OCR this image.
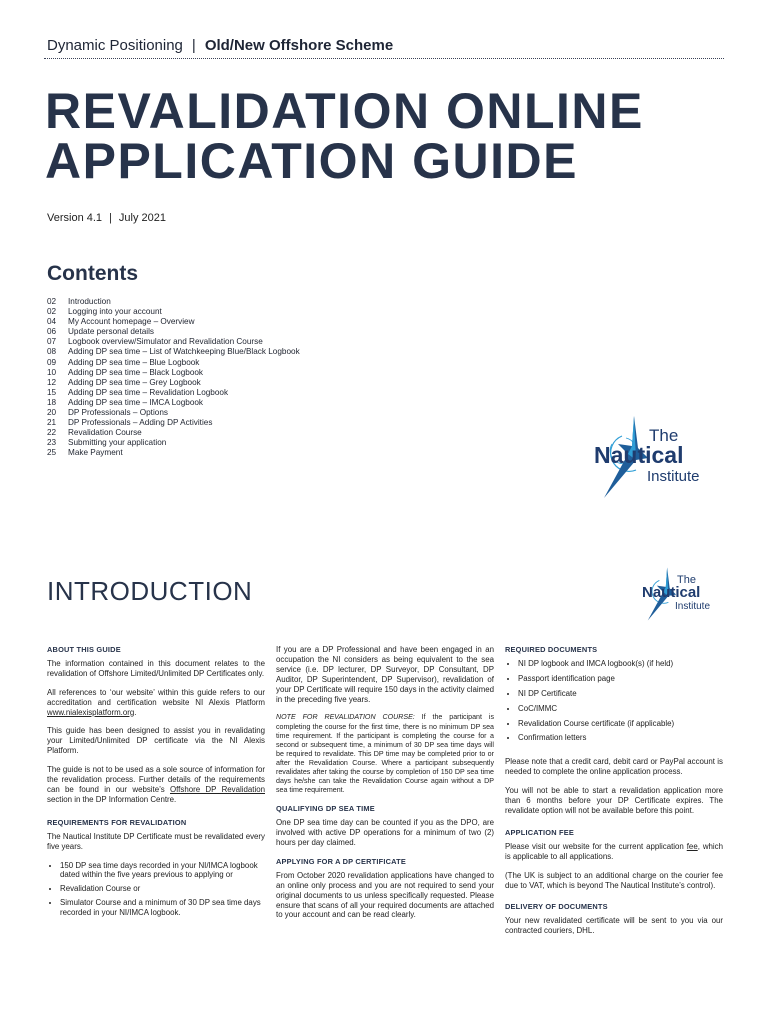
Dynamic Positioning | Old/New Offshore Scheme
REVALIDATION ONLINE
APPLICATION GUIDE
Version 4.1 | July 2021
Contents
02 Introduction
02 Logging into your account
04 My Account homepage – Overview
06 Update personal details
07 Logbook overview/Simulator and Revalidation Course
08 Adding DP sea time – List of Watchkeeping Blue/Black Logbook
09 Adding DP sea time – Blue Logbook
10 Adding DP sea time – Black Logbook
12 Adding DP sea time – Grey Logbook
15 Adding DP sea time – Revalidation Logbook
18 Adding DP sea time – IMCA Logbook
20 DP Professionals – Options
21 DP Professionals – Adding DP Activities
22 Revalidation Course
23 Submitting your application
25 Make Payment
The
Nautical
Institute
INTRODUCTION	The
Nautical
Institute
ABOUT THIS GUIDE

The information contained in this document relates to the revalidation of Offshore Limited/Unlimited DP Certificates only.

All references to ‘our website’ within this guide refers to our accreditation and certification website NI Alexis Platform www.nialexisplatform.org.

This guide has been designed to assist you in revalidating your Limited/Unlimited DP certificate via the NI Alexis Platform.

The guide is not to be used as a sole source of information for the revalidation process. Further details of the requirements can be found in our website’s Offshore DP Revalidation section in the DP Information Centre.

REQUIREMENTS FOR REVALIDATION

The Nautical Institute DP Certificate must be revalidated every five years.

• 150 DP sea time days recorded in your NI/IMCA logbook dated within the five years previous to applying or
• Revalidation Course or
• Simulator Course and a minimum of 30 DP sea time days recorded in your NI/IMCA logbook.

If you are a DP Professional and have been engaged in an occupation the NI considers as being equivalent to the sea service (i.e. DP lecturer, DP Surveyor, DP Consultant, DP Auditor, DP Superintendent, DP Supervisor), revalidation of your DP Certificate will require 150 days in the activity claimed in the preceding five years.

NOTE FOR REVALIDATION COURSE: If the participant is completing the course for the first time, there is no minimum DP sea time requirement. If the participant is completing the course for a second or subsequent time, a minimum of 30 DP sea time days will be required to revalidate. This DP time may be completed prior to or after the Revalidation Course. Where a participant subsequently revalidates after taking the course by completion of 150 DP sea time days he/she can take the Revalidation Course again without a DP sea time requirement.

QUALIFYING DP SEA TIME

One DP sea time day can be counted if you as the DPO, are involved with active DP operations for a minimum of two (2) hours per day claimed.

APPLYING FOR A DP CERTIFICATE

From October 2020 revalidation applications have changed to an online only process and you are not required to send your original documents to us unless specifically requested. Please ensure that scans of all your required documents are attached to your account and can be read clearly.

REQUIRED DOCUMENTS
• NI DP logbook and IMCA logbook(s) (if held)
• Passport identification page
• NI DP Certificate
• CoC/IMMC
• Revalidation Course certificate (if applicable)
• Confirmation letters

Please note that a credit card, debit card or PayPal account is needed to complete the online application process.

You will not be able to start a revalidation application more than 6 months before your DP Certificate expires. The revalidate option will not be available before this point.

APPLICATION FEE

Please visit our website for the current application fee, which is applicable to all applications.

(The UK is subject to an additional charge on the courier fee due to VAT, which is beyond The Nautical Institute’s control).

DELIVERY OF DOCUMENTS

Your new revalidated certificate will be sent to you via our contracted couriers, DHL.
